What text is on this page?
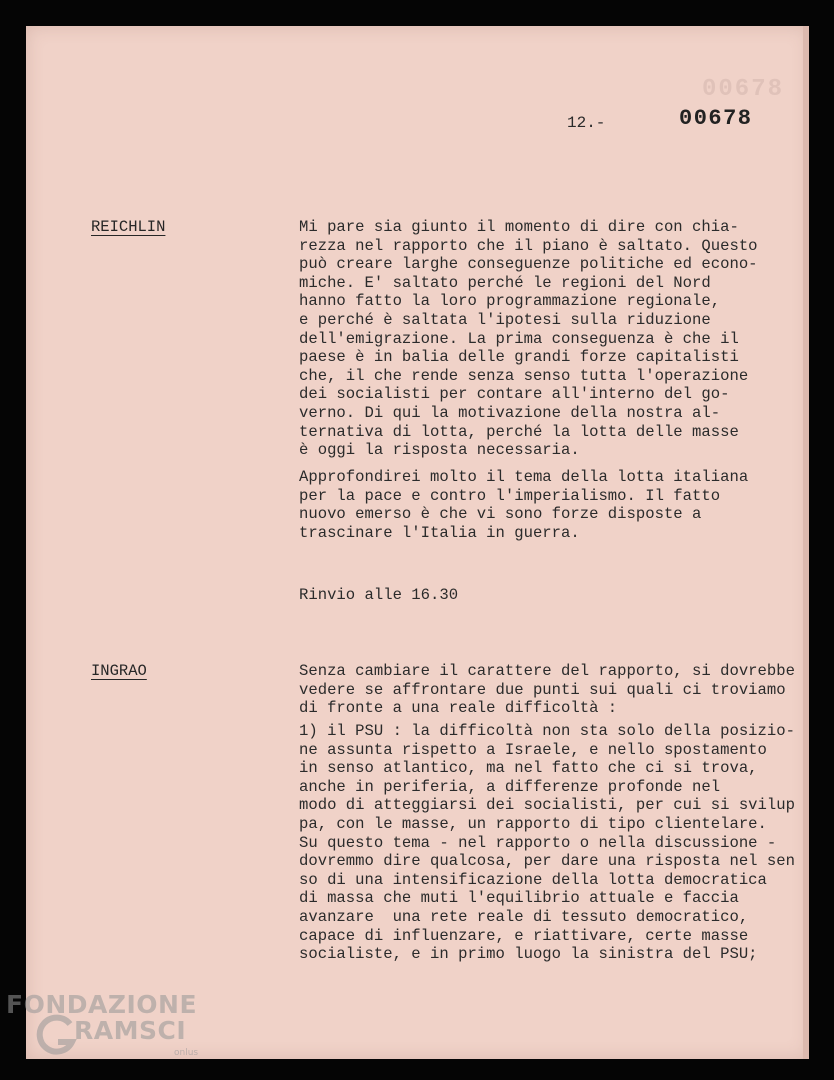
00678
12.-	00678
REICHLIN	Mi pare sia giunto il momento di dire con chia-
rezza nel rapporto che il piano è saltato. Questo
può creare larghe conseguenze politiche ed econo-
miche. E' saltato perché le regioni del Nord
hanno fatto la loro programmazione regionale,
e perché è saltata l'ipotesi sulla riduzione
dell'emigrazione. La prima conseguenza è che il
paese è in balia delle grandi forze capitalisti
che, il che rende senza senso tutta l'operazione
dei socialisti per contare all'interno del go-
verno. Di qui la motivazione della nostra al-
ternativa di lotta, perché la lotta delle masse
è oggi la risposta necessaria.

Approfondirei molto il tema della lotta italiana
per la pace e contro l'imperialismo. Il fatto
nuovo emerso è che vi sono forze disposte a
trascinare l'Italia in guerra.

Rinvio alle 16.30

INGRAO	Senza cambiare il carattere del rapporto, si dovrebbe
vedere se affrontare due punti sui quali ci troviamo
di fronte a una reale difficoltà :

1) il PSU : la difficoltà non sta solo della posizio-
ne assunta rispetto a Israele, e nello spostamento
in senso atlantico, ma nel fatto che ci si trova,
anche in periferia, a differenze profonde nel
modo di atteggiarsi dei socialisti, per cui si svilup
pa, con le masse, un rapporto di tipo clientelare.
Su questo tema - nel rapporto o nella discussione -
dovremmo dire qualcosa, per dare una risposta nel sen
so di una intensificazione della lotta democratica
di massa che muti l'equilibrio attuale e faccia
avanzare  una rete reale di tessuto democratico,
capace di influenzare, e riattivare, certe masse
socialiste, e in primo luogo la sinistra del PSU;

FONDAZIONE
RAMSCI
onlus
